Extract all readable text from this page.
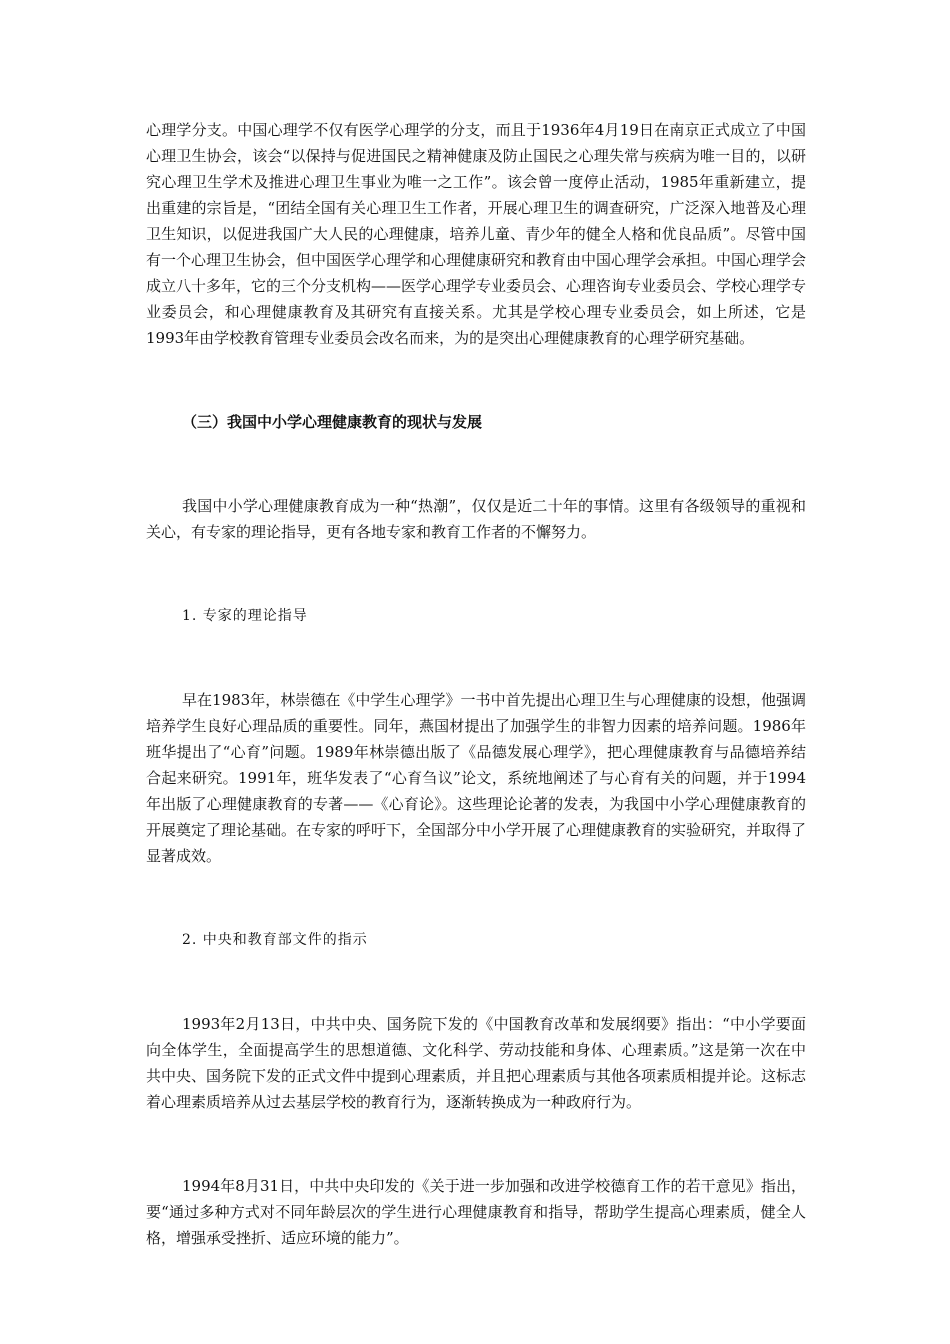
心理学分支。中国心理学不仅有医学心理学的分支，而且于1936年4月19日在南京正式成立了中国心理卫生协会，该会“以保持与促进国民之精神健康及防止国民之心理失常与疾病为唯一目的，以研究心理卫生学术及推进心理卫生事业为唯一之工作”。该会曾一度停止活动，1985年重新建立，提出重建的宗旨是，“团结全国有关心理卫生工作者，开展心理卫生的调查研究，广泛深入地普及心理卫生知识，以促进我国广大人民的心理健康，培养儿童、青少年的健全人格和优良品质”。尽管中国有一个心理卫生协会，但中国医学心理学和心理健康研究和教育由中国心理学会承担。中国心理学会成立八十多年，它的三个分支机构——医学心理学专业委员会、心理咨询专业委员会、学校心理学专业委员会，和心理健康教育及其研究有直接关系。尤其是学校心理专业委员会，如上所述，它是1993年由学校教育管理专业委员会改名而来，为的是突出心理健康教育的心理学研究基础。

（三）我国中小学心理健康教育的现状与发展

我国中小学心理健康教育成为一种“热潮”，仅仅是近二十年的事情。这里有各级领导的重视和关心，有专家的理论指导，更有各地专家和教育工作者的不懈努力。

1. 专家的理论指导

早在1983年，林崇德在《中学生心理学》一书中首先提出心理卫生与心理健康的设想，他强调培养学生良好心理品质的重要性。同年，燕国材提出了加强学生的非智力因素的培养问题。1986年班华提出了“心育”问题。1989年林崇德出版了《品德发展心理学》，把心理健康教育与品德培养结合起来研究。1991年，班华发表了“心育刍议”论文，系统地阐述了与心育有关的问题，并于1994年出版了心理健康教育的专著——《心育论》。这些理论论著的发表，为我国中小学心理健康教育的开展奠定了理论基础。在专家的呼吁下，全国部分中小学开展了心理健康教育的实验研究，并取得了显著成效。

2. 中央和教育部文件的指示

1993年2月13日，中共中央、国务院下发的《中国教育改革和发展纲要》指出：“中小学要面向全体学生，全面提高学生的思想道德、文化科学、劳动技能和身体、心理素质。”这是第一次在中共中央、国务院下发的正式文件中提到心理素质，并且把心理素质与其他各项素质相提并论。这标志着心理素质培养从过去基层学校的教育行为，逐渐转换成为一种政府行为。

1994年8月31日，中共中央印发的《关于进一步加强和改进学校德育工作的若干意见》指出，要“通过多种方式对不同年龄层次的学生进行心理健康教育和指导，帮助学生提高心理素质，健全人格，增强承受挫折、适应环境的能力”。
